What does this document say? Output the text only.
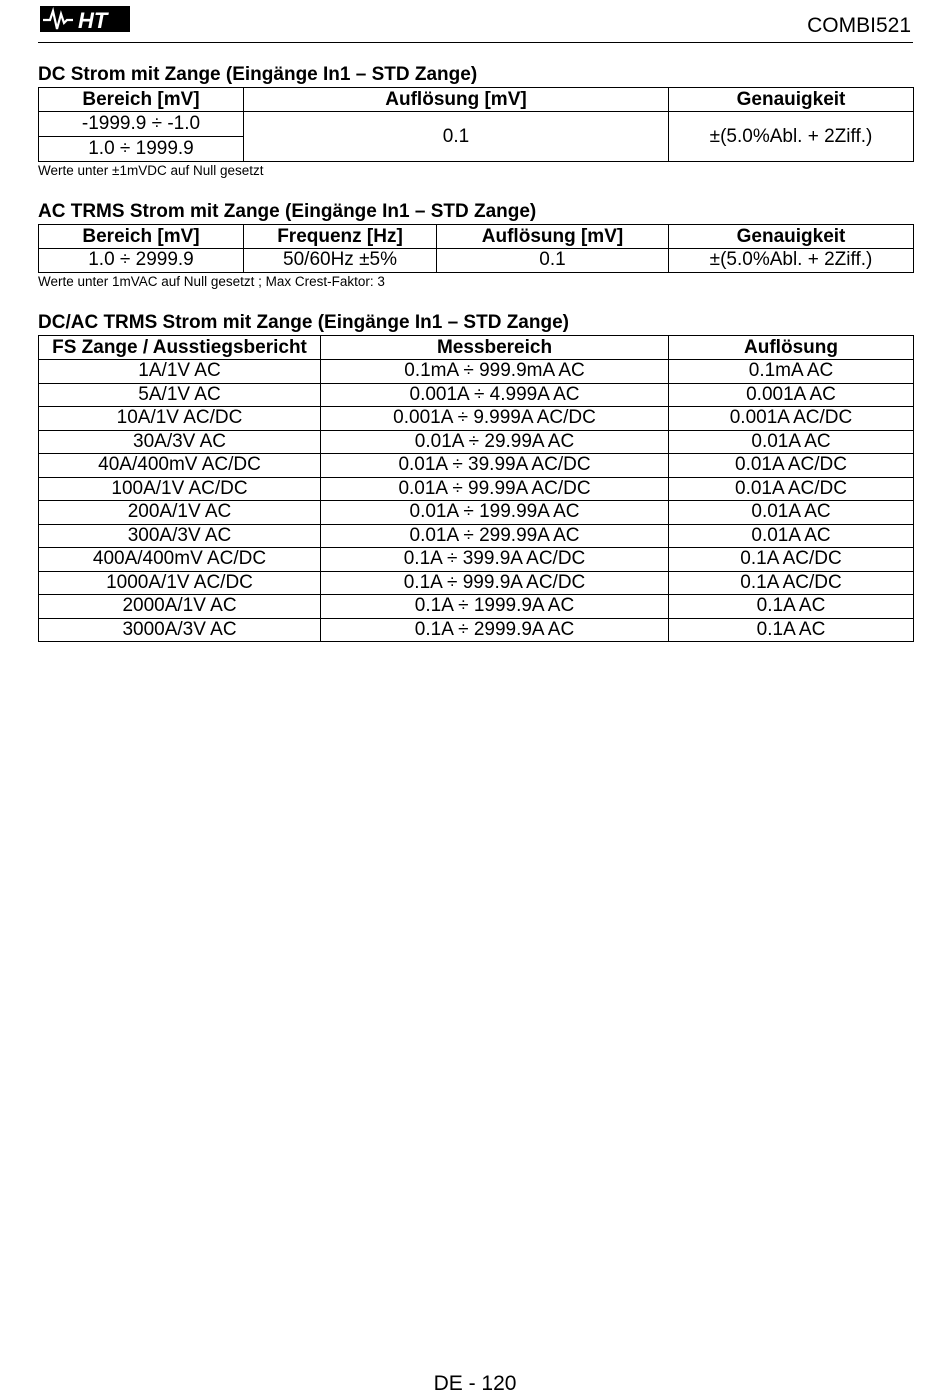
HT	COMBI521
DC Strom mit Zange (Eingänge In1 – STD Zange)
Bereich [mV]	Auflösung [mV]	Genauigkeit
-1999.9 ÷ -1.0	0.1	±(5.0%Abl. + 2Ziff.)
1.0 ÷ 1999.9		
Werte unter ±1mVDC auf Null gesetzt
AC TRMS Strom mit Zange (Eingänge In1 – STD Zange)
Bereich [mV]	Frequenz [Hz]	Auflösung [mV]	Genauigkeit
1.0 ÷ 2999.9	50/60Hz ±5%	0.1	±(5.0%Abl. + 2Ziff.)
Werte unter 1mVAC auf Null gesetzt ; Max Crest-Faktor: 3
DC/AC TRMS Strom mit Zange (Eingänge In1 – STD Zange)
FS Zange / Ausstiegsbericht	Messbereich	Auflösung
1A/1V AC	0.1mA ÷ 999.9mA AC	0.1mA AC
5A/1V AC	0.001A ÷ 4.999A AC	0.001A AC
10A/1V AC/DC	0.001A ÷ 9.999A AC/DC	0.001A AC/DC
30A/3V AC	0.01A ÷ 29.99A AC	0.01A AC
40A/400mV AC/DC	0.01A ÷ 39.99A AC/DC	0.01A AC/DC
100A/1V AC/DC	0.01A ÷ 99.99A AC/DC	0.01A AC/DC
200A/1V AC	0.01A ÷ 199.99A AC	0.01A AC
300A/3V AC	0.01A ÷ 299.99A AC	0.01A AC
400A/400mV AC/DC	0.1A ÷ 399.9A AC/DC	0.1A AC/DC
1000A/1V AC/DC	0.1A ÷ 999.9A AC/DC	0.1A AC/DC
2000A/1V AC	0.1A ÷ 1999.9A AC	0.1A AC
3000A/3V AC	0.1A ÷ 2999.9A AC	0.1A AC
DE - 120
